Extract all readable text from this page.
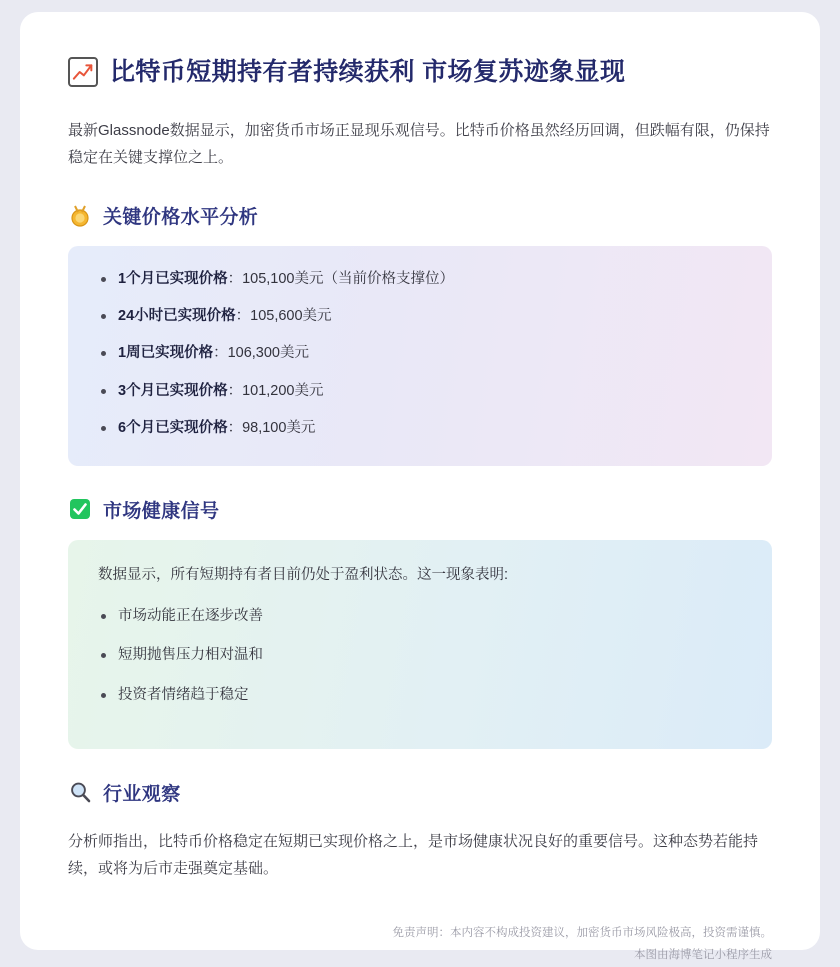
比特币短期持有者持续获利 市场复苏迹象显现

最新Glassnode数据显示，加密货币市场正显现乐观信号。比特币价格虽然经历回调，但跌幅有限，仍保持稳定在关键支撑位之上。

关键价格水平分析
1个月已实现价格：105,100美元（当前价格支撑位）
24小时已实现价格：105,600美元
1周已实现价格：106,300美元
3个月已实现价格：101,200美元
6个月已实现价格：98,100美元
市场健康信号

数据显示，所有短期持有者目前仍处于盈利状态。这一现象表明:

市场动能正在逐步改善
短期抛售压力相对温和
投资者情绪趋于稳定
行业观察

分析师指出，比特币价格稳定在短期已实现价格之上，是市场健康状况良好的重要信号。这种态势若能持续，或将为后市走强奠定基础。

免责声明：本内容不构成投资建议，加密货币市场风险极高，投资需谨慎。
本图由海博笔记小程序生成
